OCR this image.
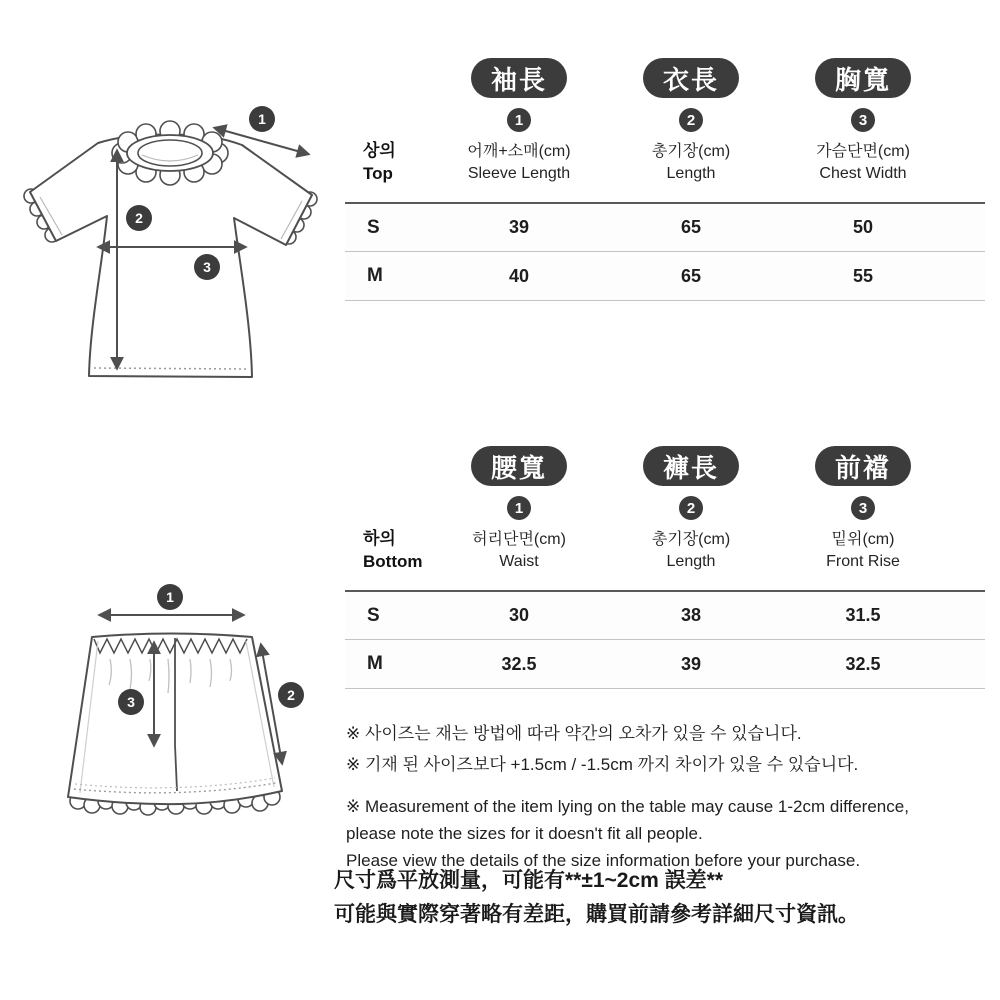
1
2
3
1
2
3
상의
Top
袖長
1
어깨+소매(cm)
Sleeve Length
衣長
2
총기장(cm)
Length
胸寬
3
가슴단면(cm)
Chest Width
S	39	65	50
M	40	65	55
하의
Bottom
腰寬
1
허리단면(cm)
Waist
褲長
2
총기장(cm)
Length
前襠
3
밑위(cm)
Front Rise
S	30	38	31.5
M	32.5	39	32.5
※ 사이즈는 재는 방법에 따라 약간의 오차가 있을 수 있습니다.
※ 기재 된 사이즈보다 +1.5cm / -1.5cm 까지 차이가 있을 수 있습니다.
※ Measurement of the item lying on the table may cause 1-2cm difference,
please note the sizes for it doesn't fit all people.
Please view the details of the size information before your purchase.
尺寸爲平放測量，可能有**±1~2cm 誤差**
可能與實際穿著略有差距，購買前請參考詳細尺寸資訊。
